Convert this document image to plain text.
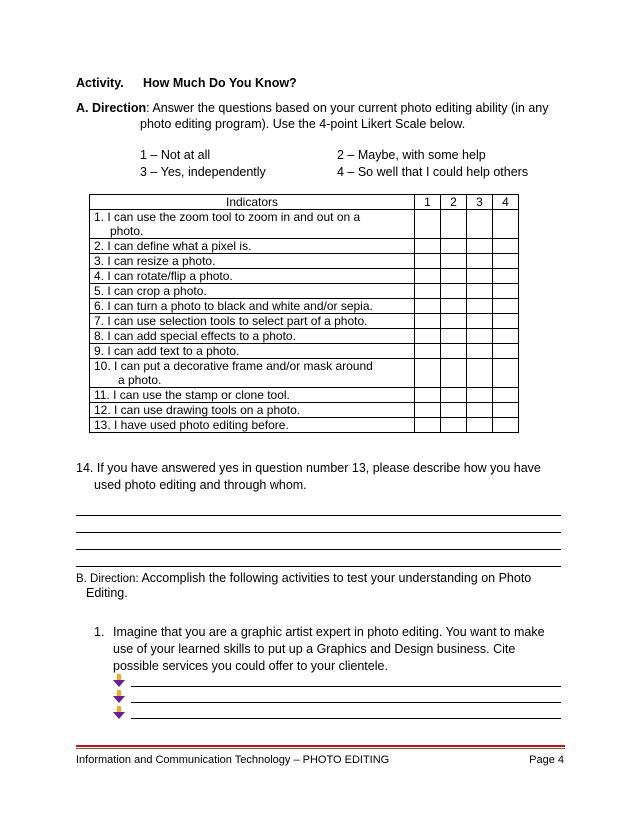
Activity. How Much Do You Know?
A. Direction: Answer the questions based on your current photo editing ability (in any
photo editing program). Use the 4-point Likert Scale below.
1 – Not at all	2 – Maybe, with some help
3 – Yes, independently	4 – So well that I could help others
Indicators	1	2	3	4

1. I can use the zoom tool to zoom in and out on a
photo.				

2. I can define what a pixel is.				
3. I can resize a photo.				
4. I can rotate/flip a photo.				
5. I can crop a photo.				
6. I can turn a photo to black and white and/or sepia.				
7. I can use selection tools to select part of a photo.				
8. I can add special effects to a photo.				
9. I can add text to a photo.				

10. I can put a decorative frame and/or mask around
a photo.				

11. I can use the stamp or clone tool.				
12. I can use drawing tools on a photo.				
13. I have used photo editing before.				
14. If you have answered yes in question number 13, please describe how you have
used photo editing and through whom.
B. Direction: Accomplish the following activities to test your understanding on Photo
Editing.
1. Imagine that you are a graphic artist expert in photo editing. You want to make
use of your learned skills to put up a Graphics and Design business. Cite
possible services you could offer to your clientele.
Information and Communication Technology – PHOTO EDITING	Page 4
